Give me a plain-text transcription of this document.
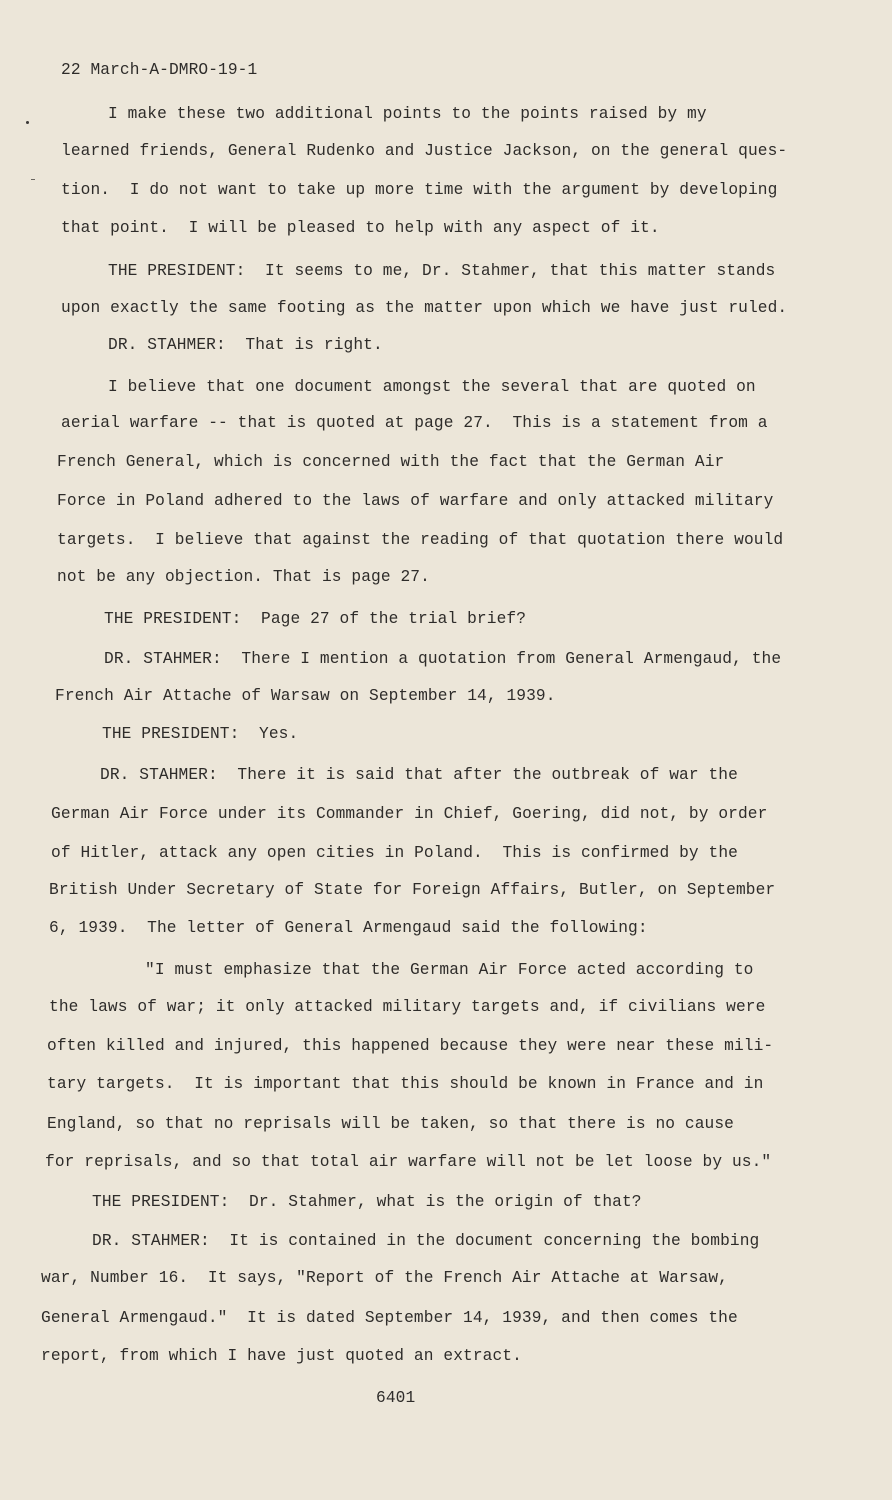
22 March-A-DMRO-19-1
I make these two additional points to the points raised by my
learned friends, General Rudenko and Justice Jackson, on the general ques-
tion.  I do not want to take up more time with the argument by developing
that point.  I will be pleased to help with any aspect of it.
THE PRESIDENT:  It seems to me, Dr. Stahmer, that this matter stands
upon exactly the same footing as the matter upon which we have just ruled.
DR. STAHMER:  That is right.
I believe that one document amongst the several that are quoted on
aerial warfare -- that is quoted at page 27.  This is a statement from a
French General, which is concerned with the fact that the German Air
Force in Poland adhered to the laws of warfare and only attacked military
targets.  I believe that against the reading of that quotation there would
not be any objection. That is page 27.
THE PRESIDENT:  Page 27 of the trial brief?
DR. STAHMER:  There I mention a quotation from General Armengaud, the
French Air Attache of Warsaw on September 14, 1939.
THE PRESIDENT:  Yes.
DR. STAHMER:  There it is said that after the outbreak of war the
German Air Force under its Commander in Chief, Goering, did not, by order
of Hitler, attack any open cities in Poland.  This is confirmed by the
British Under Secretary of State for Foreign Affairs, Butler, on September
6, 1939.  The letter of General Armengaud said the following:
"I must emphasize that the German Air Force acted according to
the laws of war; it only attacked military targets and, if civilians were
often killed and injured, this happened because they were near these mili-
tary targets.  It is important that this should be known in France and in
England, so that no reprisals will be taken, so that there is no cause
for reprisals, and so that total air warfare will not be let loose by us."
THE PRESIDENT:  Dr. Stahmer, what is the origin of that?
DR. STAHMER:  It is contained in the document concerning the bombing
war, Number 16.  It says, "Report of the French Air Attache at Warsaw,
General Armengaud."  It is dated September 14, 1939, and then comes the
report, from which I have just quoted an extract.
6401
